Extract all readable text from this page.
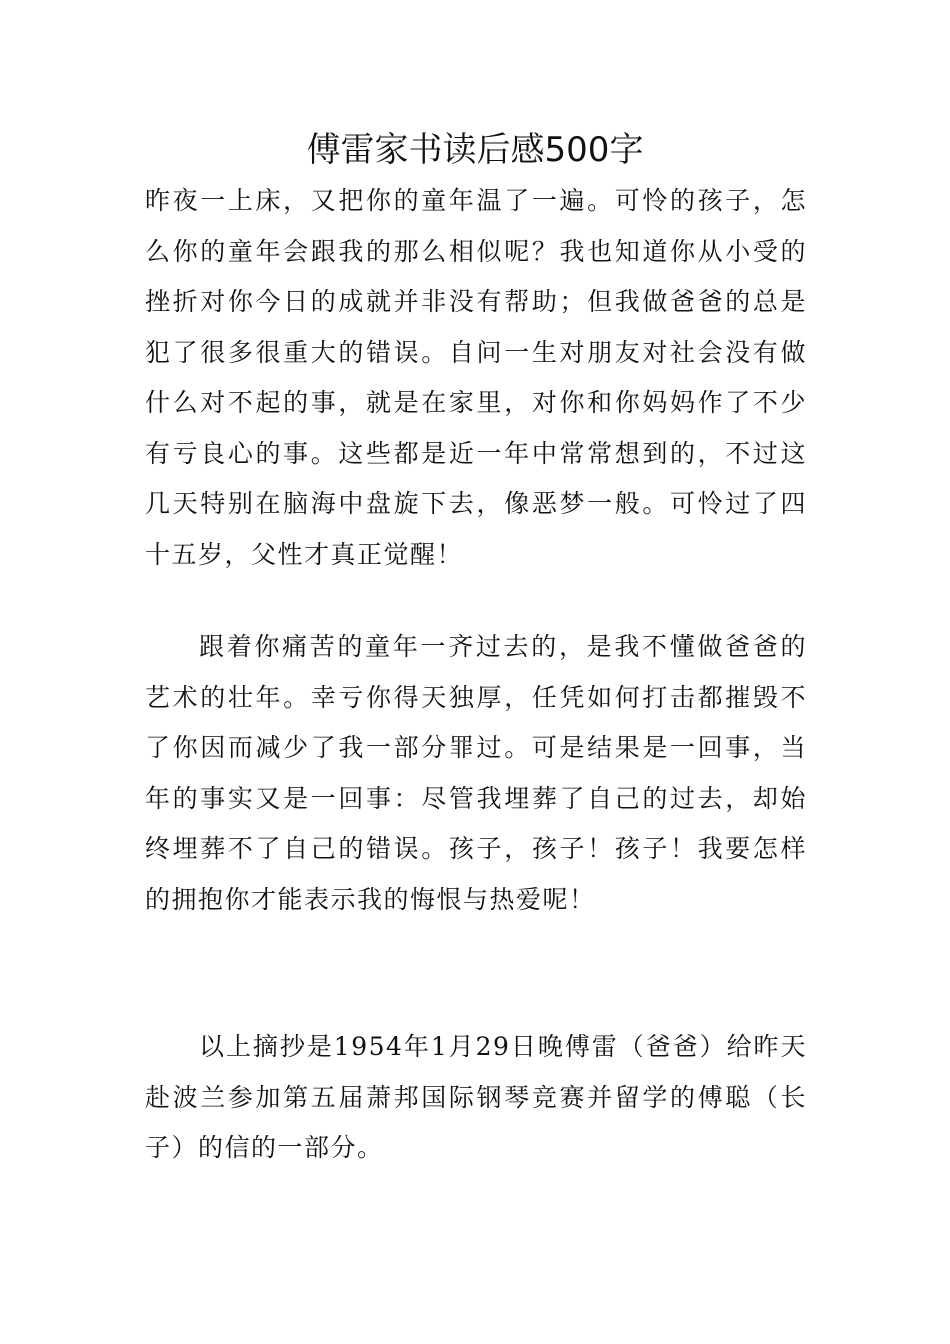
傅雷家书读后感500字

昨夜一上床，又把你的童年温了一遍。可怜的孩子，怎么你的童年会跟我的那么相似呢？我也知道你从小受的挫折对你今日的成就并非没有帮助；但我做爸爸的总是犯了很多很重大的错误。自问一生对朋友对社会没有做什么对不起的事，就是在家里，对你和你妈妈作了不少有亏良心的事。这些都是近一年中常常想到的，不过这几天特别在脑海中盘旋下去，像恶梦一般。可怜过了四十五岁，父性才真正觉醒！

跟着你痛苦的童年一齐过去的，是我不懂做爸爸的艺术的壮年。幸亏你得天独厚，任凭如何打击都摧毁不了你因而减少了我一部分罪过。可是结果是一回事，当年的事实又是一回事：尽管我埋葬了自己的过去，却始终埋葬不了自己的错误。孩子，孩子！孩子！我要怎样的拥抱你才能表示我的悔恨与热爱呢！

以上摘抄是1954年1月29日晚傅雷（爸爸）给昨天赴波兰参加第五届萧邦国际钢琴竞赛并留学的傅聪（长子）的信的一部分。
